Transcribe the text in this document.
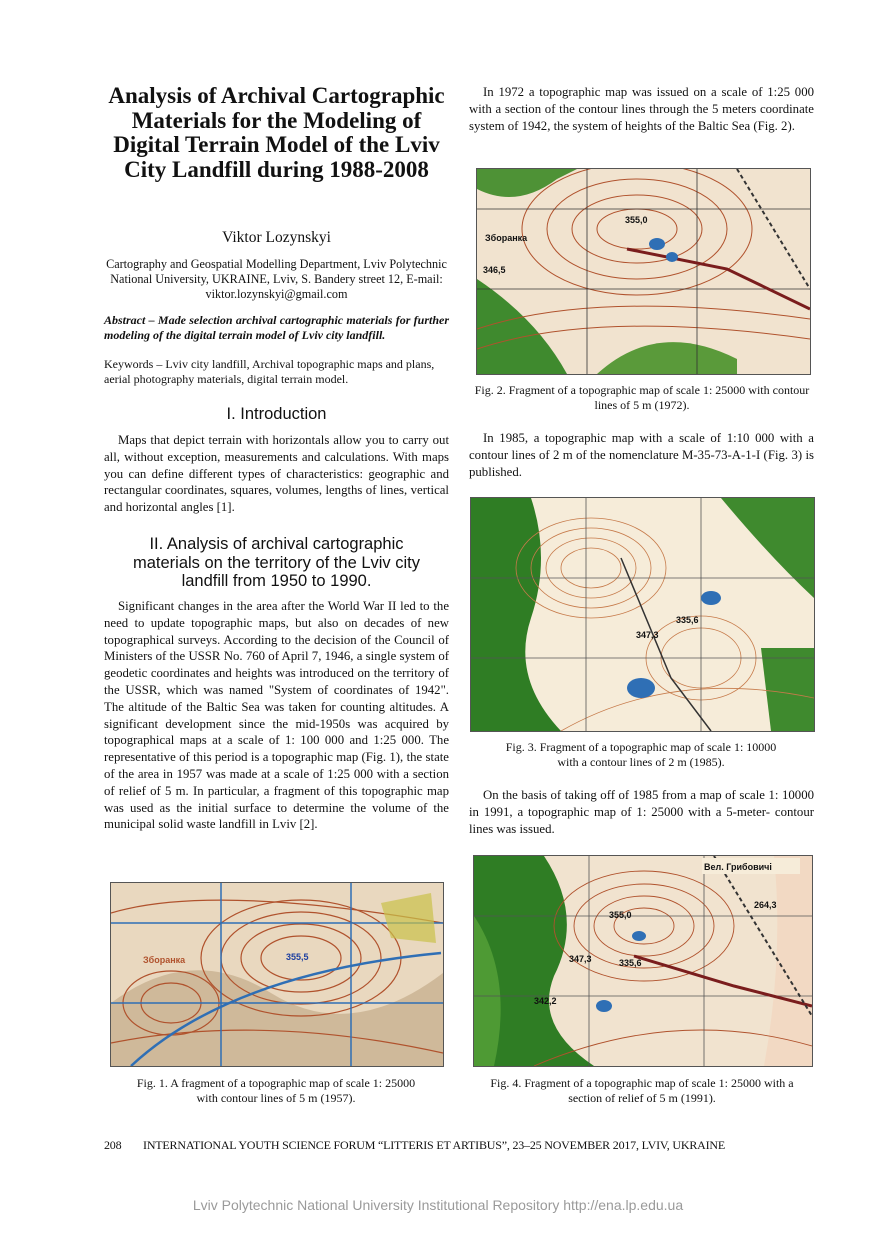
Analysis of Archival Cartographic Materials for the Modeling of Digital Terrain Model of the Lviv City Landfill during 1988-2008
Viktor Lozynskyi
Cartography and Geospatial Modelling Department, Lviv Polytechnic National University, UKRAINE, Lviv, S. Bandery street 12, E-mail: viktor.lozynskyi@gmail.com
Abstract – Made selection archival cartographic materials for further modeling of the digital terrain model of Lviv city landfill.
Keywords – Lviv city landfill, Archival topographic maps and plans, aerial photography materials, digital terrain model.
I. Introduction

Maps that depict terrain with horizontals allow you to carry out all, without exception, measurements and calculations. With maps you can define different types of characteristics: geographic and rectangular coordinates, squares, volumes, lengths of lines, vertical and horizontal angles [1].

II. Analysis of archival cartographic materials on the territory of the Lviv city landfill from 1950 to 1990.

Significant changes in the area after the World War II led to the need to update topographic maps, but also on decades of new topographical surveys. According to the decision of the Council of Ministers of the USSR No. 760 of April 7, 1946, a single system of geodetic coordinates and heights was introduced on the territory of the USSR, which was named "System of coordinates of 1942". The altitude of the Baltic Sea was taken for counting altitudes. A significant development since the mid-1950s was acquired by topographical maps at a scale of 1: 100 000 and 1:25 000. The representative of this period is a topographic map (Fig. 1), the state of the area in 1957 was made at a scale of 1:25 000 with a section of relief of 5 m. In particular, a fragment of this topographic map was used as the initial surface to determine the volume of the municipal solid waste landfill in Lviv [2].

355,5
Зборанка
Fig. 1. A fragment of a topographic map of scale 1: 25000 with contour lines of 5 m (1957).

In 1972 a topographic map was issued on a scale of 1:25 000 with a section of the contour lines through the 5 meters coordinate system of 1942, the system of heights of the Baltic Sea (Fig. 2).

355,0
Зборанка
346,5
Fig. 2. Fragment of a topographic map of scale 1: 25000 with contour lines of 5 m (1972).

In 1985, a topographic map with a scale of 1:10 000 with a contour lines of 2 m of the nomenclature M-35-73-A-1-I (Fig. 3) is published.

347,3
335,6
Fig. 3. Fragment of a topographic map of scale 1: 10000 with a contour lines of 2 m (1985).

On the basis of taking off of 1985 from a map of scale 1: 10000 in 1991, a topographic map of 1: 25000 with a 5-meter- contour lines was issued.

Вел. Грибовичі
355,0
347,3	335,6
264,3
342,2
Fig. 4. Fragment of a topographic map of scale 1: 25000 with a section of relief of 5 m (1991).
208 INTERNATIONAL YOUTH SCIENCE FORUM “LITTERIS ET ARTIBUS”, 23–25 NOVEMBER 2017, LVIV, UKRAINE
Lviv Polytechnic National University Institutional Repository http://ena.lp.edu.ua
